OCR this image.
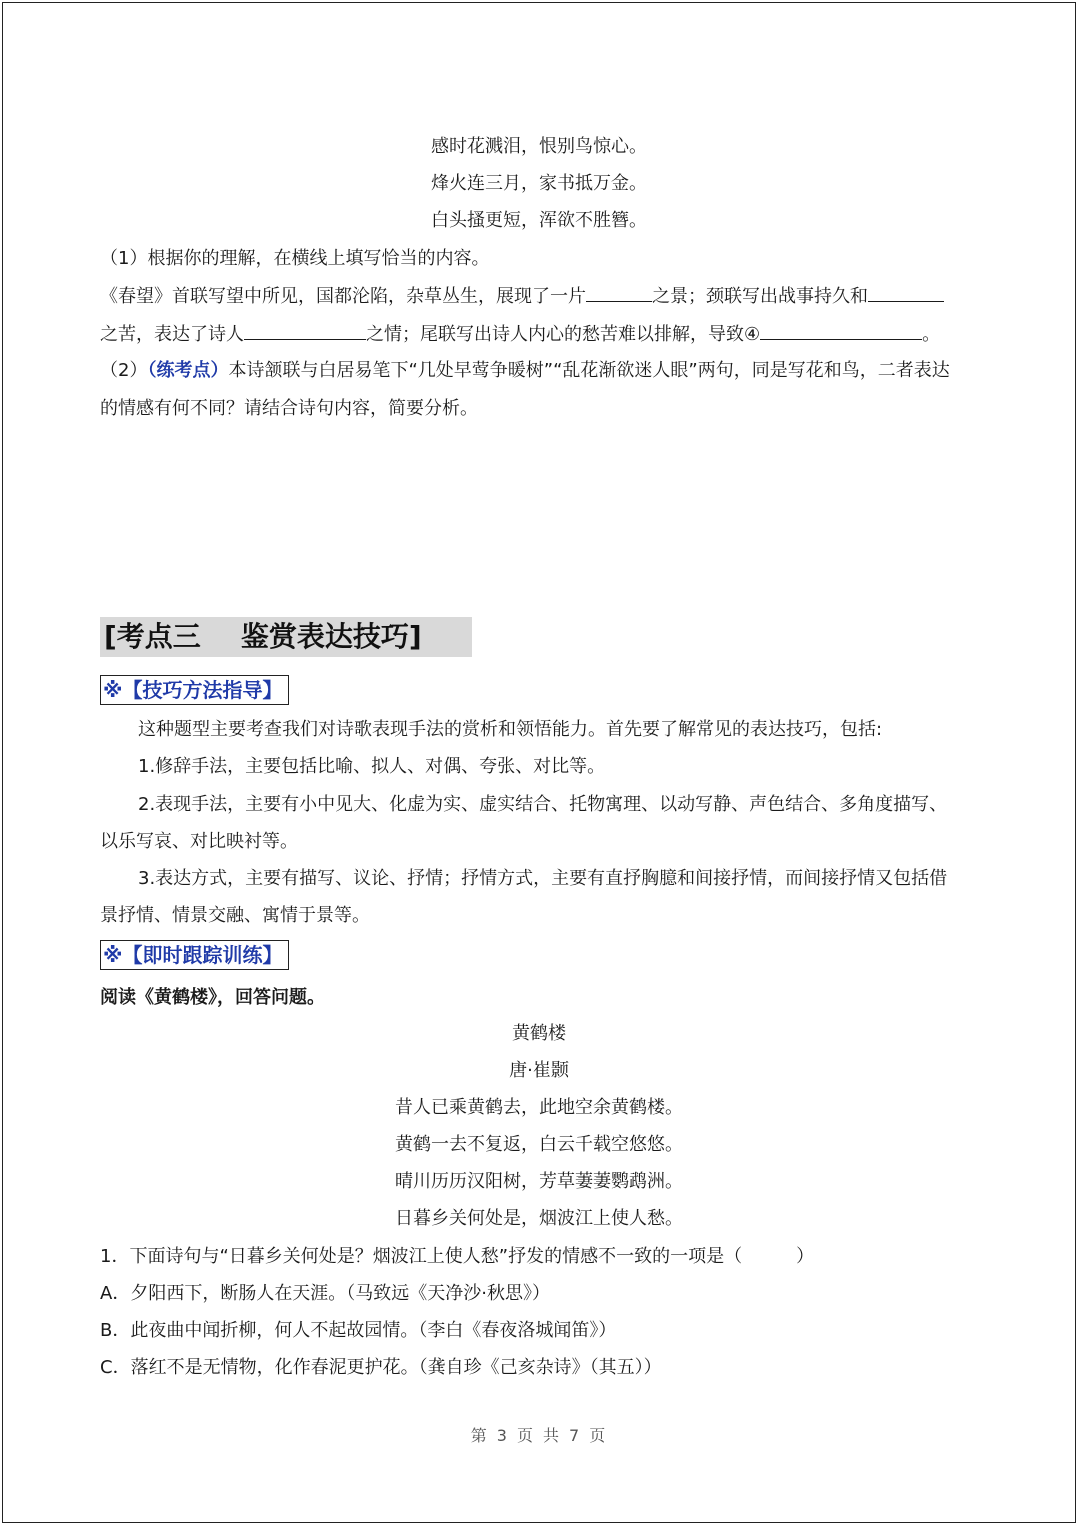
感时花溅泪，恨别鸟惊心。
烽火连三月，家书抵万金。
白头搔更短，浑欲不胜簪。
（1）根据你的理解，在横线上填写恰当的内容。
《春望》首联写望中所见，国都沦陷，杂草丛生，展现了一片	之景；颈联写出战事持久和
之苦，表达了诗人	之情；尾联写出诗人内心的愁苦难以排解，导致④	。
（2）（练考点）本诗颔联与白居易笔下“几处早莺争暖树”“乱花渐欲迷人眼”两句，同是写花和鸟，二者表达
的情感有何不同？请结合诗句内容，简要分析。
[考点三 鉴赏表达技巧]
※【技巧方法指导】
这种题型主要考查我们对诗歌表现手法的赏析和领悟能力。首先要了解常见的表达技巧，包括:
1.修辞手法，主要包括比喻、拟人、对偶、夸张、对比等。
2.表现手法，主要有小中见大、化虚为实、虚实结合、托物寓理、以动写静、声色结合、多角度描写、
以乐写哀、对比映衬等。
3.表达方式，主要有描写、议论、抒情；抒情方式，主要有直抒胸臆和间接抒情，而间接抒情又包括借
景抒情、情景交融、寓情于景等。
※【即时跟踪训练】
阅读《黄鹤楼》，回答问题。
黄鹤楼
唐·崔颢
昔人已乘黄鹤去，此地空余黄鹤楼。
黄鹤一去不复返，白云千载空悠悠。
晴川历历汉阳树，芳草萋萋鹦鹉洲。
日暮乡关何处是，烟波江上使人愁。
1．下面诗句与“日暮乡关何处是？烟波江上使人愁”抒发的情感不一致的一项是（　　　）
A．夕阳西下，断肠人在天涯。（马致远《天净沙·秋思》）
B．此夜曲中闻折柳，何人不起故园情。（李白《春夜洛城闻笛》）
C．落红不是无情物，化作春泥更护花。（龚自珍《己亥杂诗》（其五））
第 3 页 共 7 页
